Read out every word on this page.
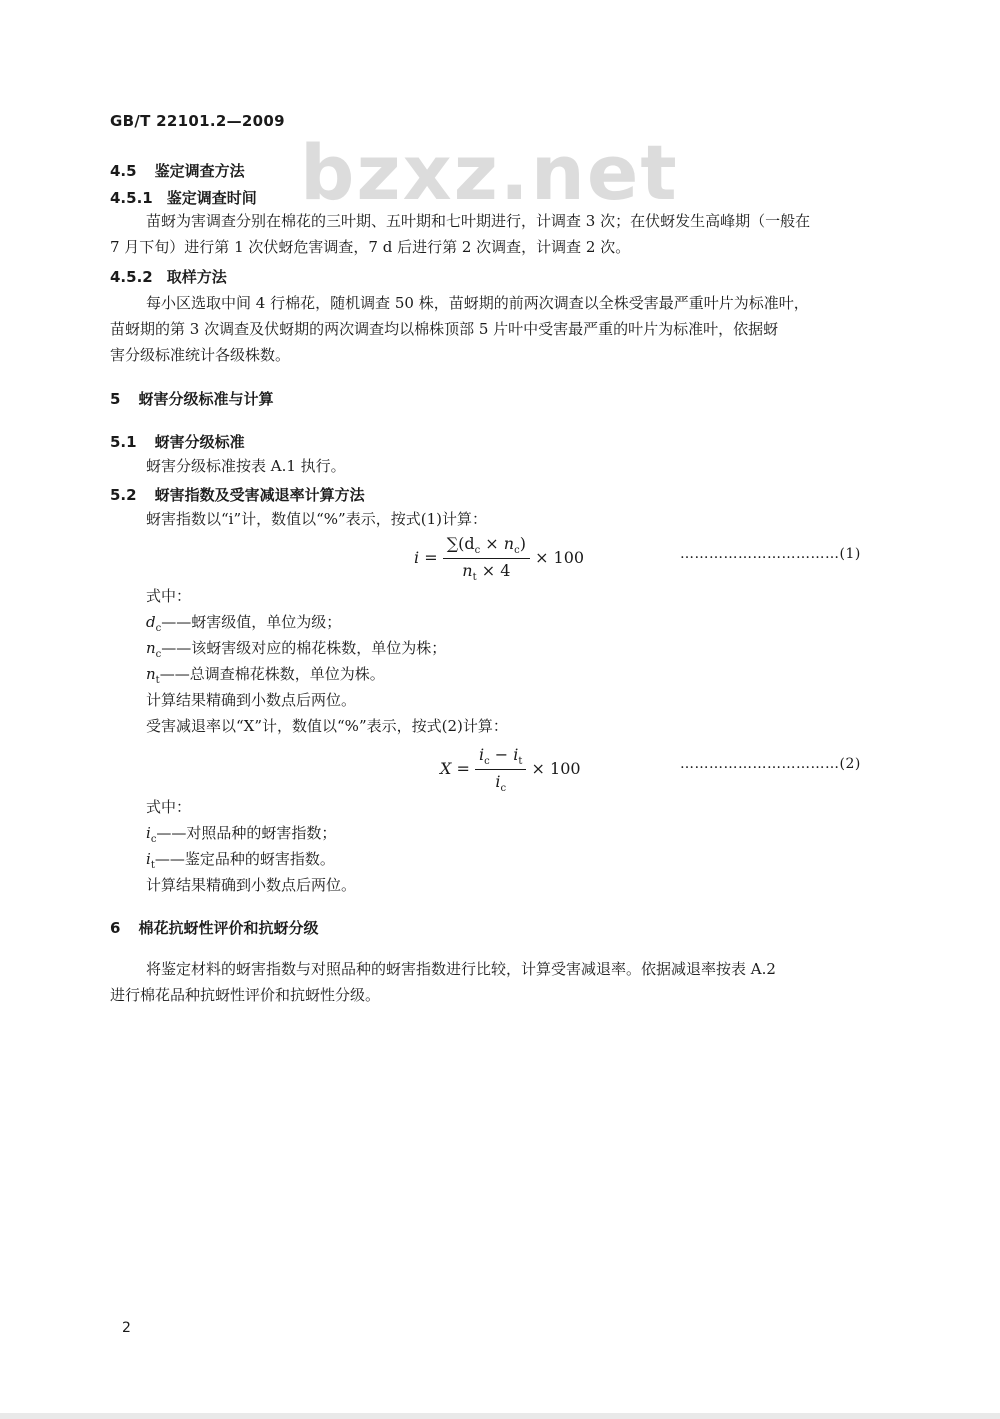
GB/T 22101.2—2009
bzxz.net
4.5 鉴定调查方法
4.5.1 鉴定调查时间
苗蚜为害调查分别在棉花的三叶期、五叶期和七叶期进行，计调查 3 次；在伏蚜发生高峰期（一般在
7 月下旬）进行第 1 次伏蚜危害调查，7 d 后进行第 2 次调查，计调查 2 次。
4.5.2 取样方法
每小区选取中间 4 行棉花，随机调查 50 株，苗蚜期的前两次调查以全株受害最严重叶片为标准叶，
苗蚜期的第 3 次调查及伏蚜期的两次调查均以棉株顶部 5 片叶中受害最严重的叶片为标准叶，依据蚜
害分级标准统计各级株数。
5 蚜害分级标准与计算
5.1 蚜害分级标准
蚜害分级标准按表 A.1 执行。
5.2 蚜害指数及受害减退率计算方法
蚜害指数以“i”计，数值以“%”表示，按式(1)计算：
$i = \frac{\sum(d_c \times n_c)}{n_t \times 4} \times 100$	……………………………(1)
式中：
$d_c——$蚜害级值，单位为级；
$n_c——$该蚜害级对应的棉花株数，单位为株；
$n_t——$总调查棉花株数，单位为株。
计算结果精确到小数点后两位。
受害减退率以“X”计，数值以“%”表示，按式(2)计算：
$X = \frac{i_c - i_t}{i_c} \times 100$	……………………………(2)
式中：
$i_c——$对照品种的蚜害指数；
$i_t——$鉴定品种的蚜害指数。
计算结果精确到小数点后两位。
6 棉花抗蚜性评价和抗蚜分级
将鉴定材料的蚜害指数与对照品种的蚜害指数进行比较，计算受害减退率。依据减退率按表 A.2
进行棉花品种抗蚜性评价和抗蚜性分级。
2
